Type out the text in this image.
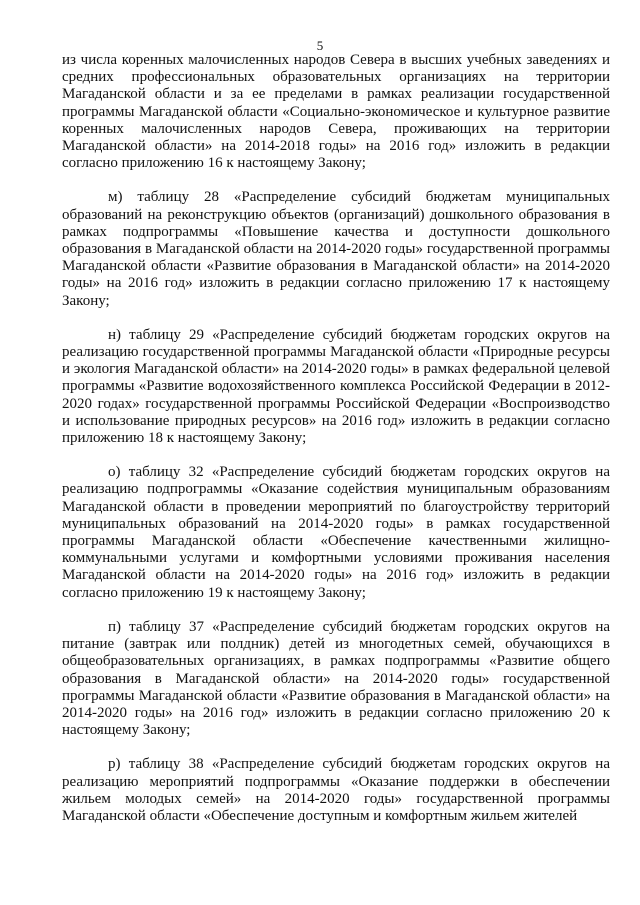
5

из числа коренных малочисленных народов Севера в высших учебных заведениях и средних профессиональных образовательных организациях на территории Магаданской области и за ее пределами в рамках реализации государственной программы Магаданской области «Социально-экономическое и культурное развитие коренных малочисленных народов Севера, проживающих на территории Магаданской области» на 2014-2018 годы» на 2016 год» изложить в редакции согласно приложению 16 к настоящему Закону;

м) таблицу 28 «Распределение субсидий бюджетам муниципальных образований на реконструкцию объектов (организаций) дошкольного образования в рамках подпрограммы «Повышение качества и доступности дошкольного образования в Магаданской области на 2014-2020 годы» государственной программы Магаданской области «Развитие образования в Магаданской области» на 2014-2020 годы» на 2016 год» изложить в редакции согласно приложению 17 к настоящему Закону;

н) таблицу 29 «Распределение субсидий бюджетам городских округов на реализацию государственной программы Магаданской области «Природные ресурсы и экология Магаданской области» на 2014-2020 годы» в рамках федеральной целевой программы «Развитие водохозяйственного комплекса Российской Федерации в 2012-2020 годах» государственной программы Российской Федерации «Воспроизводство и использование природных ресурсов» на 2016 год» изложить в редакции согласно приложению 18 к настоящему Закону;

о) таблицу 32 «Распределение субсидий бюджетам городских округов на реализацию подпрограммы «Оказание содействия муниципальным образованиям Магаданской области в проведении мероприятий по благоустройству территорий муниципальных образований на 2014-2020 годы» в рамках государственной программы Магаданской области «Обеспечение качественными жилищно-коммунальными услугами и комфортными условиями проживания населения Магаданской области на 2014-2020 годы» на 2016 год» изложить в редакции согласно приложению 19 к настоящему Закону;

п) таблицу 37 «Распределение субсидий бюджетам городских округов на питание (завтрак или полдник) детей из многодетных семей, обучающихся в общеобразовательных организациях, в рамках подпрограммы «Развитие общего образования в Магаданской области» на 2014-2020 годы» государственной программы Магаданской области «Развитие образования в Магаданской области» на 2014-2020 годы» на 2016 год» изложить в редакции согласно приложению 20 к настоящему Закону;

р) таблицу 38 «Распределение субсидий бюджетам городских округов на реализацию мероприятий подпрограммы «Оказание поддержки в обеспечении жильем молодых семей» на 2014-2020 годы» государственной программы Магаданской области «Обеспечение доступным и комфортным жильем жителей
